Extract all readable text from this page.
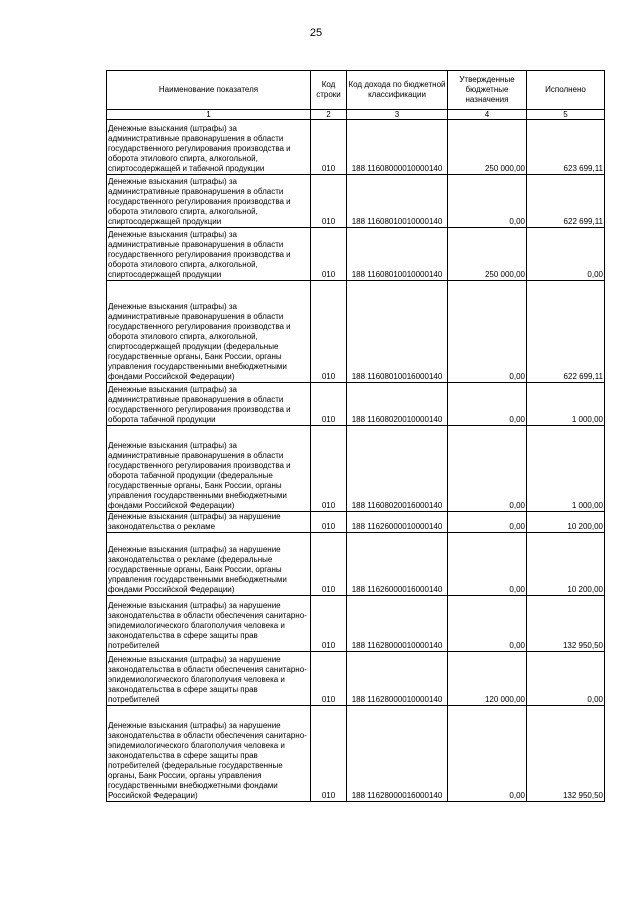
25
Наименование показателя	Код строки	Код дохода по бюджетной классификации	Утвержденные бюджетные назначения	Исполнено
1	2	3	4	5
Денежные взыскания (штрафы) за административные правонарушения в области государственного регулирования производства и оборота этилового спирта, алкогольной, спиртосодержащей и табачной продукции	010	188 11608000010000140	250 000,00	623 699,11
Денежные взыскания (штрафы) за административные правонарушения в области государственного регулирования производства и оборота этилового спирта, алкогольной, спиртосодержащей продукции	010	188 11608010010000140	0,00	622 699,11
Денежные взыскания (штрафы) за административные правонарушения в области государственного регулирования производства и оборота этилового спирта, алкогольной, спиртосодержащей продукции	010	188 11608010010000140	250 000,00	0,00
Денежные взыскания (штрафы) за административные правонарушения в области государственного регулирования производства и оборота этилового спирта, алкогольной, спиртосодержащей продукции (федеральные государственные органы, Банк России, органы управления государственными внебюджетными фондами Российской Федерации)	010	188 11608010016000140	0,00	622 699,11
Денежные взыскания (штрафы) за административные правонарушения в области государственного регулирования производства и оборота табачной продукции	010	188 11608020010000140	0,00	1 000,00
Денежные взыскания (штрафы) за административные правонарушения в области государственного регулирования производства и оборота табачной продукции (федеральные государственные органы, Банк России, органы управления государственными внебюджетными фондами Российской Федерации)	010	188 11608020016000140	0,00	1 000,00
Денежные взыскания (штрафы) за нарушение законодательства о рекламе	010	188 11626000010000140	0,00	10 200,00
Денежные взыскания (штрафы) за нарушение законодательства о рекламе (федеральные государственные органы, Банк России, органы управления государственными внебюджетными фондами Российской Федерации)	010	188 11626000016000140	0,00	10 200,00
Денежные взыскания (штрафы) за нарушение законодательства в области обеспечения санитарно-эпидемиологического благополучия человека и законодательства в сфере защиты прав потребителей	010	188 11628000010000140	0,00	132 950,50
Денежные взыскания (штрафы) за нарушение законодательства в области обеспечения санитарно-эпидемиологического благополучия человека и законодательства в сфере защиты прав потребителей	010	188 11628000010000140	120 000,00	0,00
Денежные взыскания (штрафы) за нарушение законодательства в области обеспечения санитарно-эпидемиологического благополучия человека и законодательства в сфере защиты прав потребителей (федеральные государственные органы, Банк России, органы управления государственными внебюджетными фондами Российской Федерации)	010	188 11628000016000140	0,00	132 950,50
